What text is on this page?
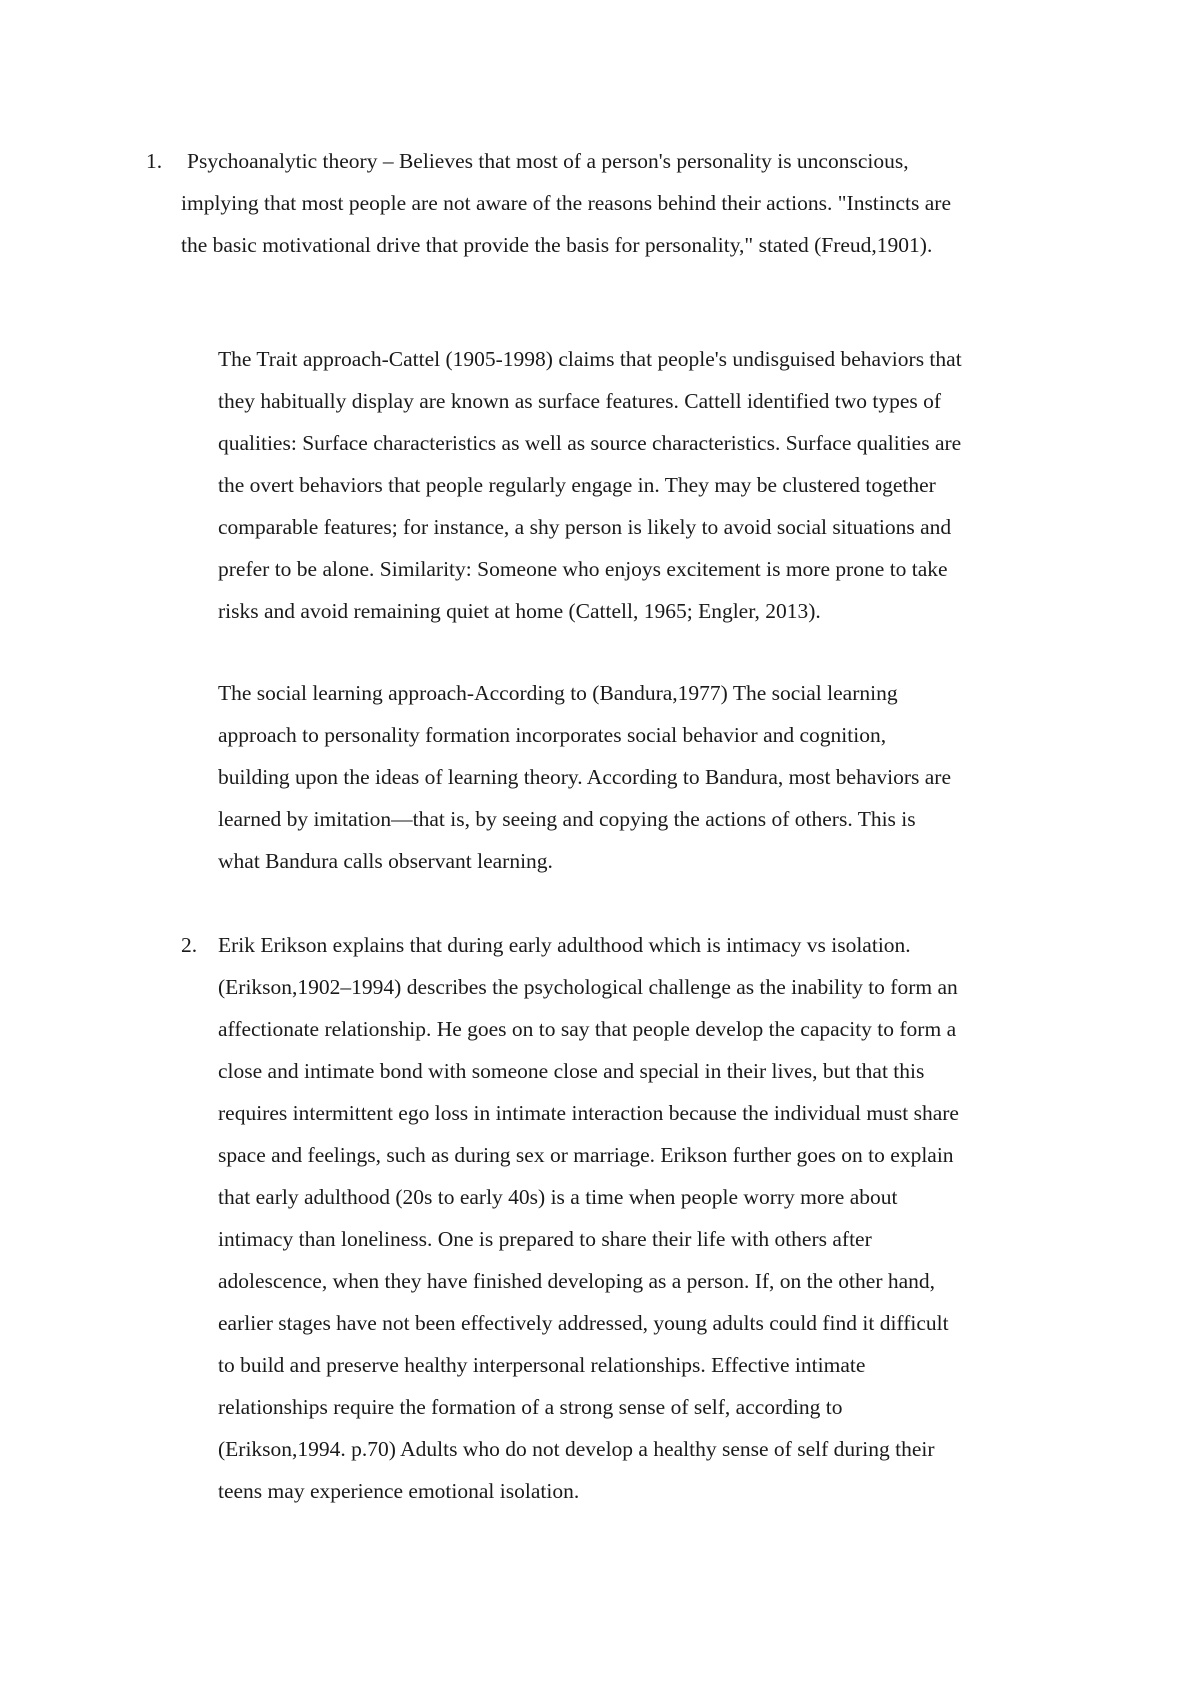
1. Psychoanalytic theory – Believes that most of a person's personality is unconscious,
implying that most people are not aware of the reasons behind their actions. "Instincts are
the basic motivational drive that provide the basis for personality," stated (Freud,1901).
The Trait approach-Cattel (1905-1998) claims that people's undisguised behaviors that
they habitually display are known as surface features. Cattell identified two types of
qualities: Surface characteristics as well as source characteristics. Surface qualities are
the overt behaviors that people regularly engage in. They may be clustered together
comparable features; for instance, a shy person is likely to avoid social situations and
prefer to be alone. Similarity: Someone who enjoys excitement is more prone to take
risks and avoid remaining quiet at home (Cattell, 1965; Engler, 2013).
The social learning approach-According to (Bandura,1977) The social learning
approach to personality formation incorporates social behavior and cognition,
building upon the ideas of learning theory. According to Bandura, most behaviors are
learned by imitation—that is, by seeing and copying the actions of others. This is
what Bandura calls observant learning.
2. Erik Erikson explains that during early adulthood which is intimacy vs isolation.
(Erikson,1902–1994) describes the psychological challenge as the inability to form an
affectionate relationship. He goes on to say that people develop the capacity to form a
close and intimate bond with someone close and special in their lives, but that this
requires intermittent ego loss in intimate interaction because the individual must share
space and feelings, such as during sex or marriage. Erikson further goes on to explain
that early adulthood (20s to early 40s) is a time when people worry more about
intimacy than loneliness. One is prepared to share their life with others after
adolescence, when they have finished developing as a person. If, on the other hand,
earlier stages have not been effectively addressed, young adults could find it difficult
to build and preserve healthy interpersonal relationships. Effective intimate
relationships require the formation of a strong sense of self, according to
(Erikson,1994. p.70) Adults who do not develop a healthy sense of self during their
teens may experience emotional isolation.
